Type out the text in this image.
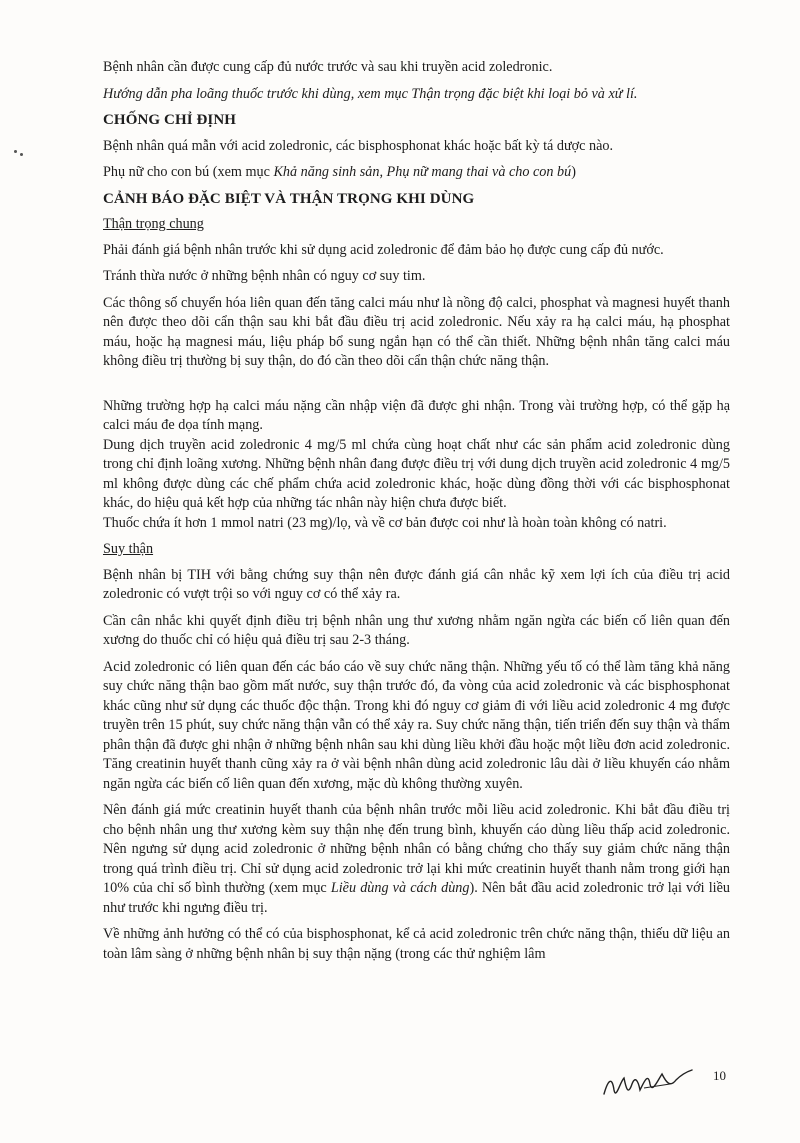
Bệnh nhân cần được cung cấp đủ nước trước và sau khi truyền acid zoledronic.

Hướng dẫn pha loãng thuốc trước khi dùng, xem mục Thận trọng đặc biệt khi loại bỏ và xử lí.

CHỐNG CHỈ ĐỊNH

Bệnh nhân quá mẫn với acid zoledronic, các bisphosphonat khác hoặc bất kỳ tá dược nào.

Phụ nữ cho con bú (xem mục Khả năng sinh sản, Phụ nữ mang thai và cho con bú)

CẢNH BÁO ĐẶC BIỆT VÀ THẬN TRỌNG KHI DÙNG
Thận trọng chung

Phải đánh giá bệnh nhân trước khi sử dụng acid zoledronic để đảm bảo họ được cung cấp đủ nước.

Tránh thừa nước ở những bệnh nhân có nguy cơ suy tim.

Các thông số chuyển hóa liên quan đến tăng calci máu như là nồng độ calci, phosphat và magnesi huyết thanh nên được theo dõi cẩn thận sau khi bắt đầu điều trị acid zoledronic. Nếu xảy ra hạ calci máu, hạ phosphat máu, hoặc hạ magnesi máu, liệu pháp bổ sung ngắn hạn có thể cần thiết. Những bệnh nhân tăng calci máu không điều trị thường bị suy thận, do đó cần theo dõi cẩn thận chức năng thận.

Những trường hợp hạ calci máu nặng cần nhập viện đã được ghi nhận. Trong vài trường hợp, có thể gặp hạ calci máu đe dọa tính mạng.

Dung dịch truyền acid zoledronic 4 mg/5 ml chứa cùng hoạt chất như các sản phẩm acid zoledronic dùng trong chỉ định loãng xương. Những bệnh nhân đang được điều trị với dung dịch truyền acid zoledronic 4 mg/5 ml không được dùng các chế phẩm chứa acid zoledronic khác, hoặc dùng đồng thời với các bisphosphonat khác, do hiệu quả kết hợp của những tác nhân này hiện chưa được biết.

Thuốc chứa ít hơn 1 mmol natri (23 mg)/lọ, và về cơ bản được coi như là hoàn toàn không có natri.

Suy thận

Bệnh nhân bị TIH với bằng chứng suy thận nên được đánh giá cân nhắc kỹ xem lợi ích của điều trị acid zoledronic có vượt trội so với nguy cơ có thể xảy ra.

Cần cân nhắc khi quyết định điều trị bệnh nhân ung thư xương nhằm ngăn ngừa các biến cố liên quan đến xương do thuốc chỉ có hiệu quả điều trị sau 2-3 tháng.

Acid zoledronic có liên quan đến các báo cáo về suy chức năng thận. Những yếu tố có thể làm tăng khả năng suy chức năng thận bao gồm mất nước, suy thận trước đó, đa vòng của acid zoledronic và các bisphosphonat khác cũng như sử dụng các thuốc độc thận. Trong khi đó nguy cơ giảm đi với liều acid zoledronic 4 mg được truyền trên 15 phút, suy chức năng thận vẫn có thể xảy ra. Suy chức năng thận, tiến triển đến suy thận và thẩm phân thận đã được ghi nhận ở những bệnh nhân sau khi dùng liều khởi đầu hoặc một liều đơn acid zoledronic. Tăng creatinin huyết thanh cũng xảy ra ở vài bệnh nhân dùng acid zoledronic lâu dài ở liều khuyến cáo nhằm ngăn ngừa các biến cố liên quan đến xương, mặc dù không thường xuyên.

Nên đánh giá mức creatinin huyết thanh của bệnh nhân trước mỗi liều acid zoledronic. Khi bắt đầu điều trị cho bệnh nhân ung thư xương kèm suy thận nhẹ đến trung bình, khuyến cáo dùng liều thấp acid zoledronic. Nên ngưng sử dụng acid zoledronic ở những bệnh nhân có bằng chứng cho thấy suy giảm chức năng thận trong quá trình điều trị. Chỉ sử dụng acid zoledronic trở lại khi mức creatinin huyết thanh nằm trong giới hạn 10% của chỉ số bình thường (xem mục Liều dùng và cách dùng). Nên bắt đầu acid zoledronic trở lại với liều như trước khi ngưng điều trị.

Về những ảnh hưởng có thể có của bisphosphonat, kể cả acid zoledronic trên chức năng thận, thiếu dữ liệu an toàn lâm sàng ở những bệnh nhân bị suy thận nặng (trong các thử nghiệm lâm

10
